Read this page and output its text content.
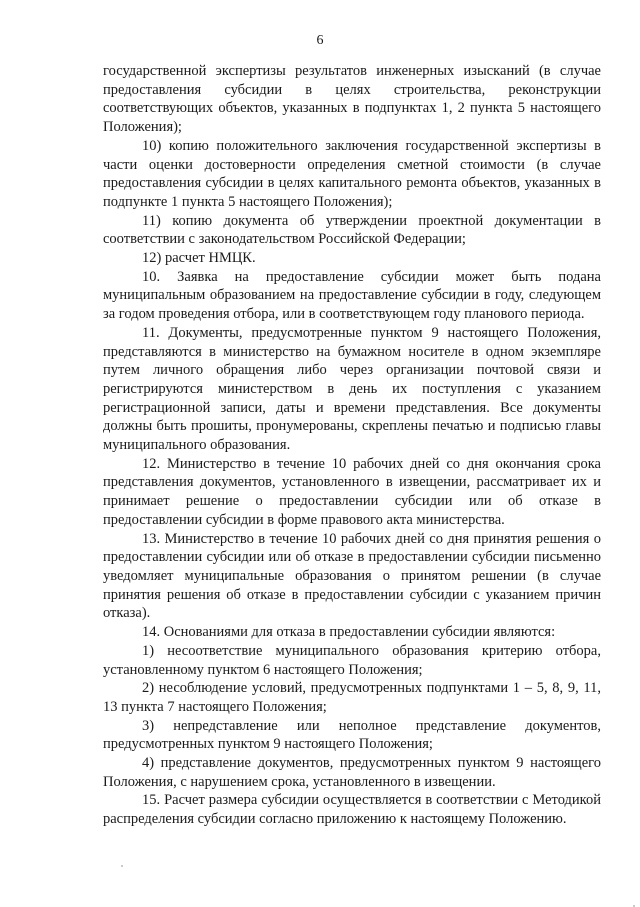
6

государственной экспертизы результатов инженерных изысканий (в случае предоставления субсидии в целях строительства, реконструкции соответствующих объектов, указанных в подпунктах 1, 2 пункта 5 настоящего Положения);

10) копию положительного заключения государственной экспертизы в части оценки достоверности определения сметной стоимости (в случае предоставления субсидии в целях капитального ремонта объектов, указанных в подпункте 1 пункта 5 настоящего Положения);

11) копию документа об утверждении проектной документации в соответствии с законодательством Российской Федерации;

12) расчет НМЦК.

10. Заявка на предоставление субсидии может быть подана муниципальным образованием на предоставление субсидии в году, следующем за годом проведения отбора, или в соответствующем году планового периода.

11. Документы, предусмотренные пунктом 9 настоящего Положения, представляются в министерство на бумажном носителе в одном экземпляре путем личного обращения либо через организации почтовой связи и регистрируются министерством в день их поступления с указанием регистрационной записи, даты и времени представления. Все документы должны быть прошиты, пронумерованы, скреплены печатью и подписью главы муниципального образования.

12. Министерство в течение 10 рабочих дней со дня окончания срока представления документов, установленного в извещении, рассматривает их и принимает решение о предоставлении субсидии или об отказе в предоставлении субсидии в форме правового акта министерства.

13. Министерство в течение 10 рабочих дней со дня принятия решения о предоставлении субсидии или об отказе в предоставлении субсидии письменно уведомляет муниципальные образования о принятом решении (в случае принятия решения об отказе в предоставлении субсидии с указанием причин отказа).

14. Основаниями для отказа в предоставлении субсидии являются:

1) несоответствие муниципального образования критерию отбора, установленному пунктом 6 настоящего Положения;

2) несоблюдение условий, предусмотренных подпунктами 1 – 5, 8, 9, 11, 13 пункта 7 настоящего Положения;

3) непредставление или неполное представление документов, предусмотренных пунктом 9 настоящего Положения;

4) представление документов, предусмотренных пунктом 9 настоящего Положения, с нарушением срока, установленного в извещении.

15. Расчет размера субсидии осуществляется в соответствии с Методикой распределения субсидии согласно приложению к настоящему Положению.
